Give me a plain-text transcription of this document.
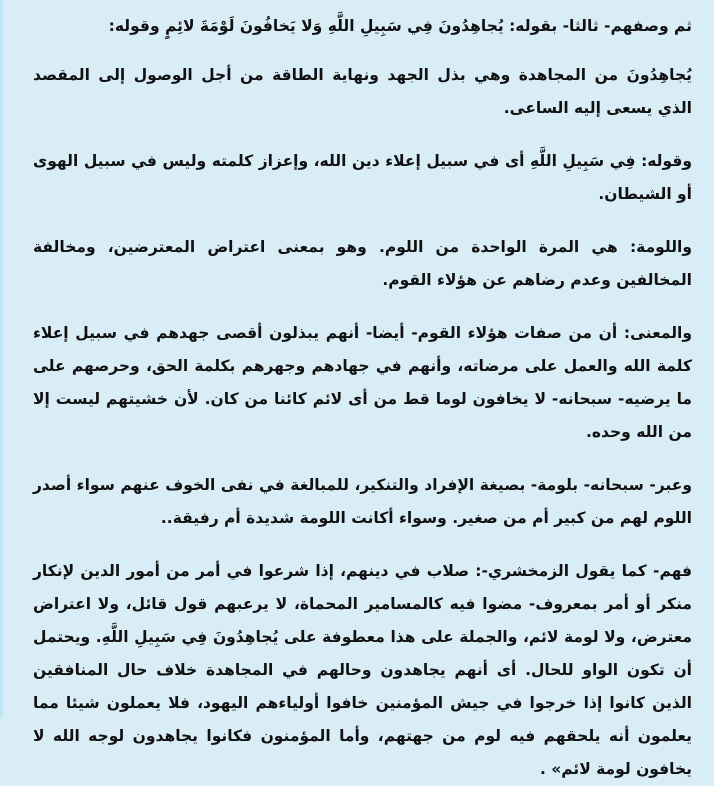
ثم وصفهم- ثالثا- بقوله: يُجاهِدُونَ فِي سَبِيلِ اللَّهِ وَلا يَخافُونَ لَوْمَةَ لائِمٍ وقوله:

يُجاهِدُونَ من المجاهدة وهي بذل الجهد ونهاية الطاقة من أجل الوصول إلى المقصد الذي يسعى إليه الساعى.

وقوله: فِي سَبِيلِ اللَّهِ أى في سبيل إعلاء دين الله، وإعزاز كلمته وليس في سبيل الهوى أو الشيطان.

واللومة: هي المرة الواحدة من اللوم. وهو بمعنى اعتراض المعترضين، ومخالفة المخالفين وعدم رضاهم عن هؤلاء القوم.

والمعنى: أن من صفات هؤلاء القوم- أيضا- أنهم يبذلون أقصى جهدهم في سبيل إعلاء كلمة الله والعمل على مرضاته، وأنهم في جهادهم وجهرهم بكلمة الحق، وحرصهم على ما يرضيه- سبحانه- لا يخافون لوما قط من أى لائم كائنا من كان. لأن خشيتهم ليست إلا من الله وحده.

وعبر- سبحانه- بلومة- بصيغة الإفراد والتنكير، للمبالغة في نفى الخوف عنهم سواء أصدر اللوم لهم من كبير أم من صغير. وسواء أكانت اللومة شديدة أم رفيقة..

فهم- كما يقول الزمخشري-: صلاب في دينهم، إذا شرعوا في أمر من أمور الدين لإنكار منكر أو أمر بمعروف- مضوا فيه كالمسامير المحماة، لا يرعبهم قول قائل، ولا اعتراض معترض، ولا لومة لائم، والجملة على هذا معطوفة على يُجاهِدُونَ فِي سَبِيلِ اللَّهِ. ويحتمل أن تكون الواو للحال. أى أنهم يجاهدون وحالهم في المجاهدة خلاف حال المنافقين الذين كانوا إذا خرجوا في جيش المؤمنين خافوا أولياءهم اليهود، فلا يعملون شيئا مما يعلمون أنه يلحقهم فيه لوم من جهتهم، وأما المؤمنون فكانوا يجاهدون لوجه الله لا يخافون لومة لائم» .
